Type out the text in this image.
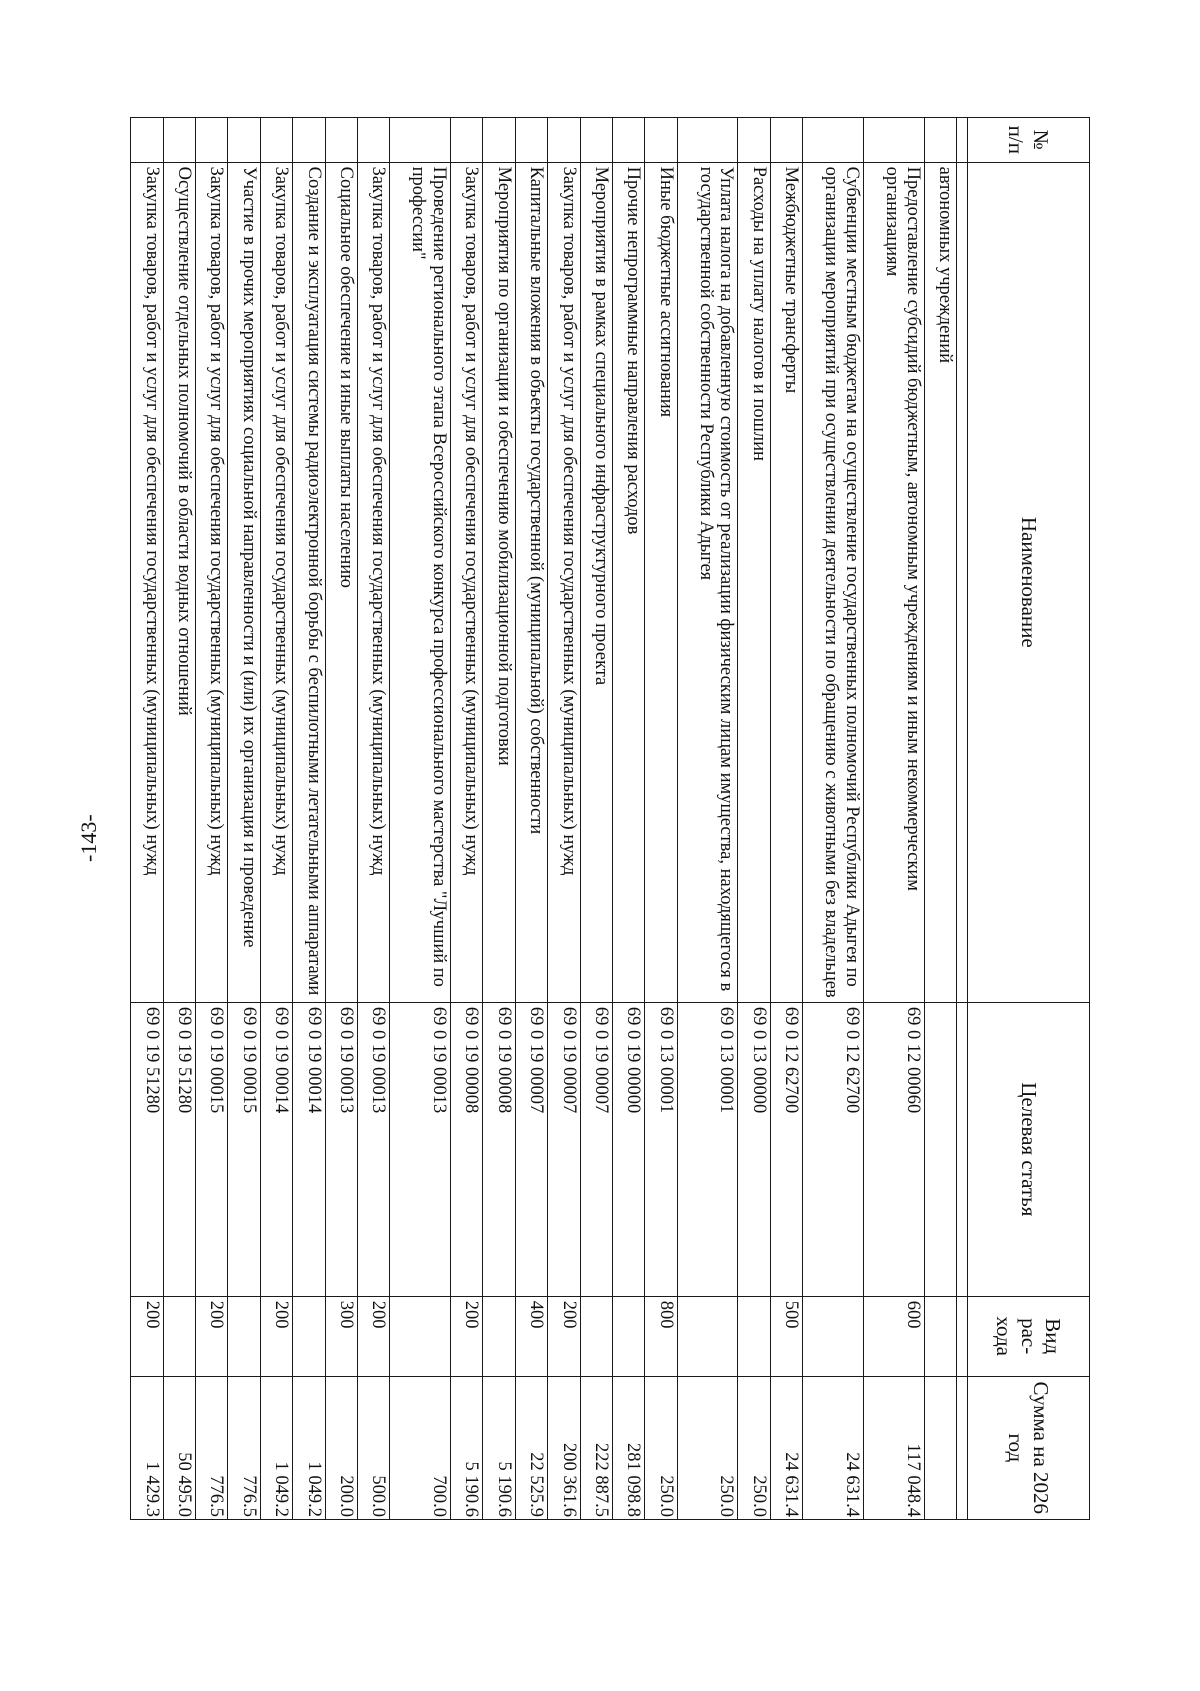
-143-
№ п/п	Наименование	Целевая статья	Вид рас- хода	Сумма на 2026 год

	автономных учреждений			
	Предоставление субсидий бюджетным, автономным учреждениям и иным некоммерческим организациям	69 0 12 00060	600	117 048.4
	Субвенции местным бюджетам на осуществление государственных полномочий Республики Адыгея по организации мероприятий при осуществлении деятельности по обращению с животными без владельцев	69 0 12 62700		24 631.4
	Межбюджетные трансферты	69 0 12 62700	500	24 631.4
	Расходы на уплату налогов и пошлин	69 0 13 00000		250.0
	Уплата налога на добавленную стоимость от реализации физическим лицам имущества, находящегося в государственной собственности Республики Адыгея	69 0 13 00001		250.0
	Иные бюджетные ассигнования	69 0 13 00001	800	250.0
	Прочие непрограммные направления расходов	69 0 19 00000		281 098.8
	Мероприятия в рамках специального инфраструктурного проекта	69 0 19 00007		222 887.5
	Закупка товаров, работ и услуг для обеспечения государственных (муниципальных) нужд	69 0 19 00007	200	200 361.6
	Капитальные вложения в объекты государственной (муниципальной) собственности	69 0 19 00007	400	22 525.9
	Мероприятия по организации и обеспечению мобилизационной подготовки	69 0 19 00008		5 190.6
	Закупка товаров, работ и услуг для обеспечения государственных (муниципальных) нужд	69 0 19 00008	200	5 190.6
	Проведение регионального этапа Всероссийского конкурса профессионального мастерства "Лучший по профессии"	69 0 19 00013		700.0
	Закупка товаров, работ и услуг для обеспечения государственных (муниципальных) нужд	69 0 19 00013	200	500.0
	Социальное обеспечение и иные выплаты населению	69 0 19 00013	300	200.0
	Создание и эксплуатация системы радиоэлектронной борьбы с беспилотными летательными аппаратами	69 0 19 00014		1 049.2
	Закупка товаров, работ и услуг для обеспечения государственных (муниципальных) нужд	69 0 19 00014	200	1 049.2
	Участие в прочих мероприятиях социальной направленности и (или) их организация и проведение	69 0 19 00015		776.5
	Закупка товаров, работ и услуг для обеспечения государственных (муниципальных) нужд	69 0 19 00015	200	776.5
	Осуществление отдельных полномочий в области водных отношений	69 0 19 51280		50 495.0
	Закупка товаров, работ и услуг для обеспечения государственных (муниципальных) нужд	69 0 19 51280	200	1 429.3
